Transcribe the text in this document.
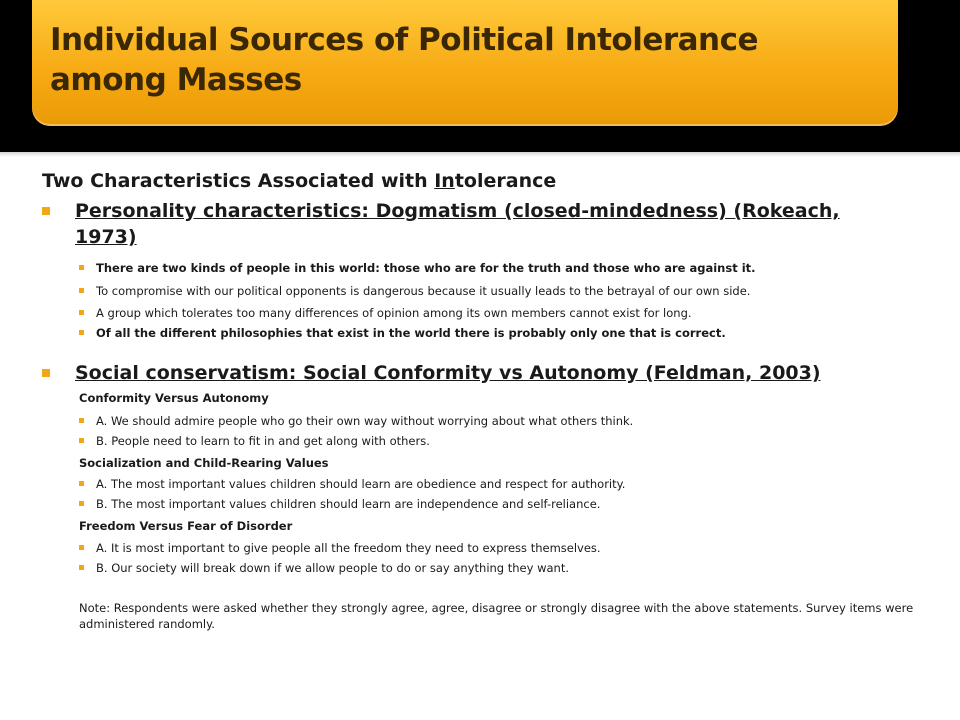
Individual Sources of Political Intolerance among Masses
Two Characteristics Associated with Intolerance
Personality characteristics: Dogmatism (closed-mindedness) (Rokeach, 1973)
There are two kinds of people in this world: those who are for the truth and those who are against it.
To compromise with our political opponents is dangerous because it usually leads to the betrayal of our own side.
A group which tolerates too many differences of opinion among its own members cannot exist for long.
Of all the different philosophies that exist in the world there is probably only one that is correct.
Social conservatism: Social Conformity vs Autonomy (Feldman, 2003)
Conformity Versus Autonomy
A. We should admire people who go their own way without worrying about what others think.
B. People need to learn to fit in and get along with others.
Socialization and Child-Rearing Values
A. The most important values children should learn are obedience and respect for authority.
B. The most important values children should learn are independence and self-reliance.
Freedom Versus Fear of Disorder
A. It is most important to give people all the freedom they need to express themselves.
B. Our society will break down if we allow people to do or say anything they want.
Note: Respondents were asked whether they strongly agree, agree, disagree or strongly disagree with the above statements. Survey items were administered randomly.
